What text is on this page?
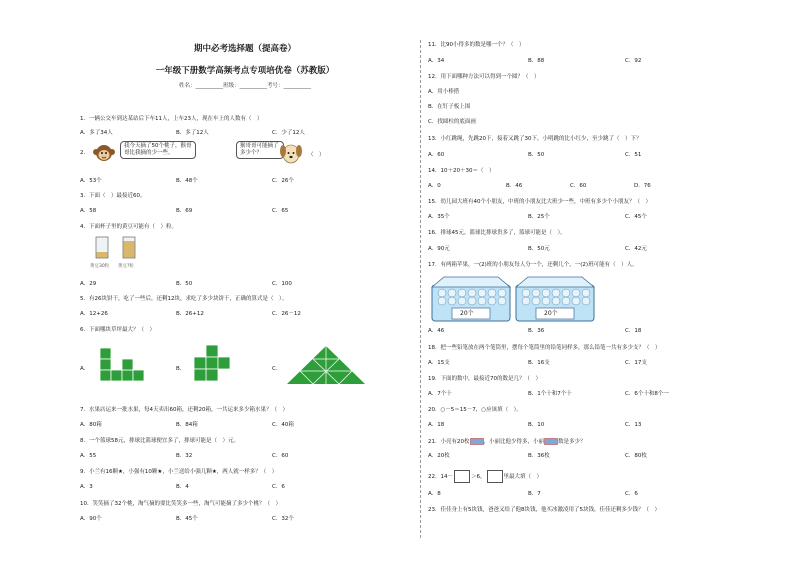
期中必考选择题（提高卷）
一年级下册数学高频考点专项培优卷（苏教版）
姓名：__________班级：__________考号：__________
1．一辆公交车到达某站后下车11人，上车23人，现在车上的人数有（　）
A．多了34人	B．多了12人	C．少了12人
2．
我今天摘了50个桃子，猴哥哥比我摘的少一些。
猴哥哥可能摘了多少个？	（　）
A．53个	B．48个	C．26个
3．下面（　）最接近60。
A．58	B．69	C．65
4．下面杯子里的黄豆可能有（　）粒。
黄豆30粒 黄豆?粒
A．29	B．50	C．100
5．有26块饼干，吃了一些后，还剩12块，求吃了多少块饼干，正确的算式是（　）。
A．12+26	B．26+12	C．26－12
6．下面哪块草坪最大？（　）
A．	B．	C．
7．水果店运来一批水果，每4天卖出60箱，还剩20箱，一共运来多少箱水果？（　）
A．80箱	B．84箱	C．40箱
8．一个篮球58元，排球比篮球便宜多了，排球可能是（　）元。
A．55	B．32	C．60
9．小兰有16颗★，小强有10颗★，小兰送给小强几颗★，两人就一样多？（　）
A．3	B．4	C．6
10．笑笑摘了32个桃，淘气摘的要比笑笑多一些，淘气可能摘了多少个桃？（　）
A．90个	B．45个	C．32个
11．比90小得多的数是哪一个？（　）
A．34	B．88	C．92
12．用下面哪种方法可以得到一个圆？（　）
A．用小棒搭
B．在钉子板上围
C．找圆柱的底面画
13．小红跳绳，先跳20下，接着又跳了30下，小明跳的比小红少，至少跳了（　）下？
A．60	B．50	C．51
14．10＋20＋30＝（　）
A．0	B．46	C．60	D．76
15．幼儿园大班有40个小朋友，中班的小朋友比大班少一些，中班有多少个小朋友？（　）
A．35个	B．25个	C．45个
16．排球45元，篮球比排球贵多了，篮球可能是（　）。
A．90元	B．50元	C．42元
17．有两箱苹果，一(2)班的小朋友每人分一个，还剩几个，一(2)班可能有（　）人。
20个	20个
A．46	B．36	C．18
18．把一些铅笔放在两个笔筒里，摆每个笔筒里的铅笔同样多，那么铅笔一共有多少支？（　）
A．15支	B．16支	C．17支
19．下面的数中，最接近70的数是几？（　）
A．7个十	B．1个十和7个十	C．6个十和8个一
20．○－5＝15－7，○应该填（　）。
A．18	B．10	C．13
21．小亮有20枚	，小丽比他少得多，小丽	数是多少？
A．20枚	B．36枚	C．80枚
22．14－	＞6，	里最大填（　）
A．8	B．7	C．6
23．佳佳身上有5块钱，爸爸又给了他8块钱，他买冰激凌用了5块钱，佳佳还剩多少钱？（　）
